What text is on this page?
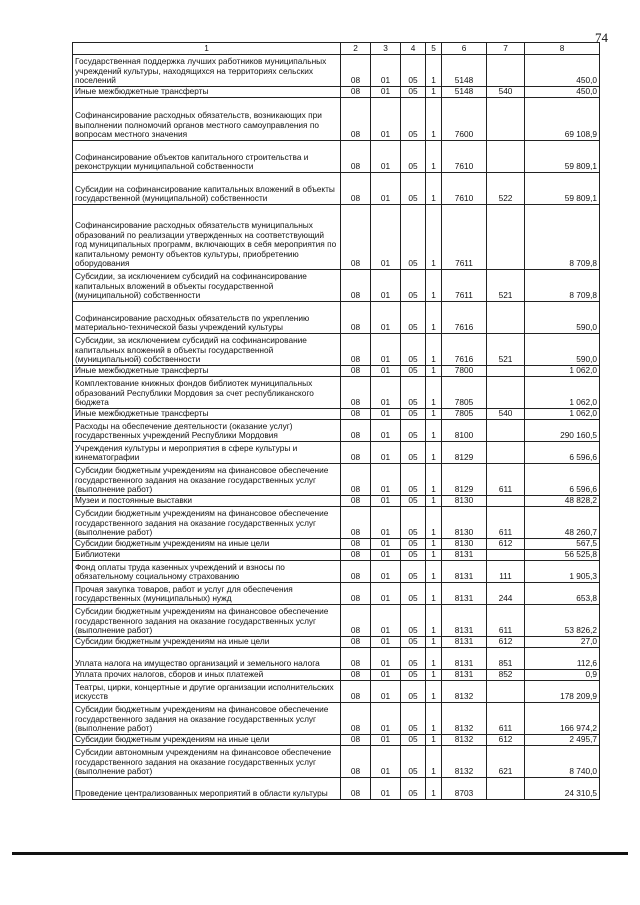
74
1	2	3	4	5	6	7	8
Государственная поддержка лучших работников муниципальных учреждений культуры, находящихся на территориях сельских поселений	08	01	05	1	5148		450,0
Иные межбюджетные трансферты	08	01	05	1	5148	540	450,0
Софинансирование расходных обязательств, возникающих при выполнении полномочий органов местного самоуправления по вопросам местного значения	08	01	05	1	7600		69 108,9
Софинансирование объектов капитального строительства и реконструкции муниципальной собственности	08	01	05	1	7610		59 809,1
Субсидии на софинансирование капитальных вложений в объекты государственной (муниципальной) собственности	08	01	05	1	7610	522	59 809,1
Софинансирование расходных обязательств муниципальных образований по реализации утвержденных на соответствующий год муниципальных программ, включающих в себя мероприятия по капитальному ремонту объектов культуры, приобретению оборудования	08	01	05	1	7611		8 709,8
Субсидии, за исключением субсидий на софинансирование капитальных вложений в объекты государственной (муниципальной) собственности	08	01	05	1	7611	521	8 709,8
Софинансирование расходных обязательств по укреплению материально-технической базы учреждений культуры	08	01	05	1	7616		590,0
Субсидии, за исключением субсидий на софинансирование капитальных вложений в объекты государственной (муниципальной) собственности	08	01	05	1	7616	521	590,0
Иные межбюджетные трансферты	08	01	05	1	7800		1 062,0
Комплектование книжных фондов библиотек муниципальных образований Республики Мордовия за счет республиканского бюджета	08	01	05	1	7805		1 062,0
Иные межбюджетные трансферты	08	01	05	1	7805	540	1 062,0
Расходы на обеспечение деятельности (оказание услуг) государственных учреждений Республики Мордовия	08	01	05	1	8100		290 160,5
Учреждения культуры и мероприятия в сфере культуры и кинематографии	08	01	05	1	8129		6 596,6
Субсидии бюджетным учреждениям на финансовое обеспечение государственного задания на оказание государственных услуг (выполнение работ)	08	01	05	1	8129	611	6 596,6
Музеи и постоянные выставки	08	01	05	1	8130		48 828,2
Субсидии бюджетным учреждениям на финансовое обеспечение государственного задания на оказание государственных услуг (выполнение работ)	08	01	05	1	8130	611	48 260,7
Субсидии бюджетным учреждениям на иные цели	08	01	05	1	8130	612	567,5
Библиотеки	08	01	05	1	8131		56 525,8
Фонд оплаты труда казенных учреждений и взносы по обязательному социальному страхованию	08	01	05	1	8131	111	1 905,3
Прочая закупка товаров, работ и услуг для обеспечения государственных (муниципальных) нужд	08	01	05	1	8131	244	653,8
Субсидии бюджетным учреждениям на финансовое обеспечение государственного задания на оказание государственных услуг (выполнение работ)	08	01	05	1	8131	611	53 826,2
Субсидии бюджетным учреждениям на иные цели	08	01	05	1	8131	612	27,0
Уплата налога на имущество организаций и земельного налога	08	01	05	1	8131	851	112,6
Уплата прочих налогов, сборов и иных платежей	08	01	05	1	8131	852	0,9
Театры, цирки, концертные и другие организации исполнительских искусств	08	01	05	1	8132		178 209,9
Субсидии бюджетным учреждениям на финансовое обеспечение государственного задания на оказание государственных услуг (выполнение работ)	08	01	05	1	8132	611	166 974,2
Субсидии бюджетным учреждениям на иные цели	08	01	05	1	8132	612	2 495,7
Субсидии автономным учреждениям на финансовое обеспечение государственного задания на оказание государственных услуг (выполнение работ)	08	01	05	1	8132	621	8 740,0
Проведение централизованных мероприятий в области культуры	08	01	05	1	8703		24 310,5
